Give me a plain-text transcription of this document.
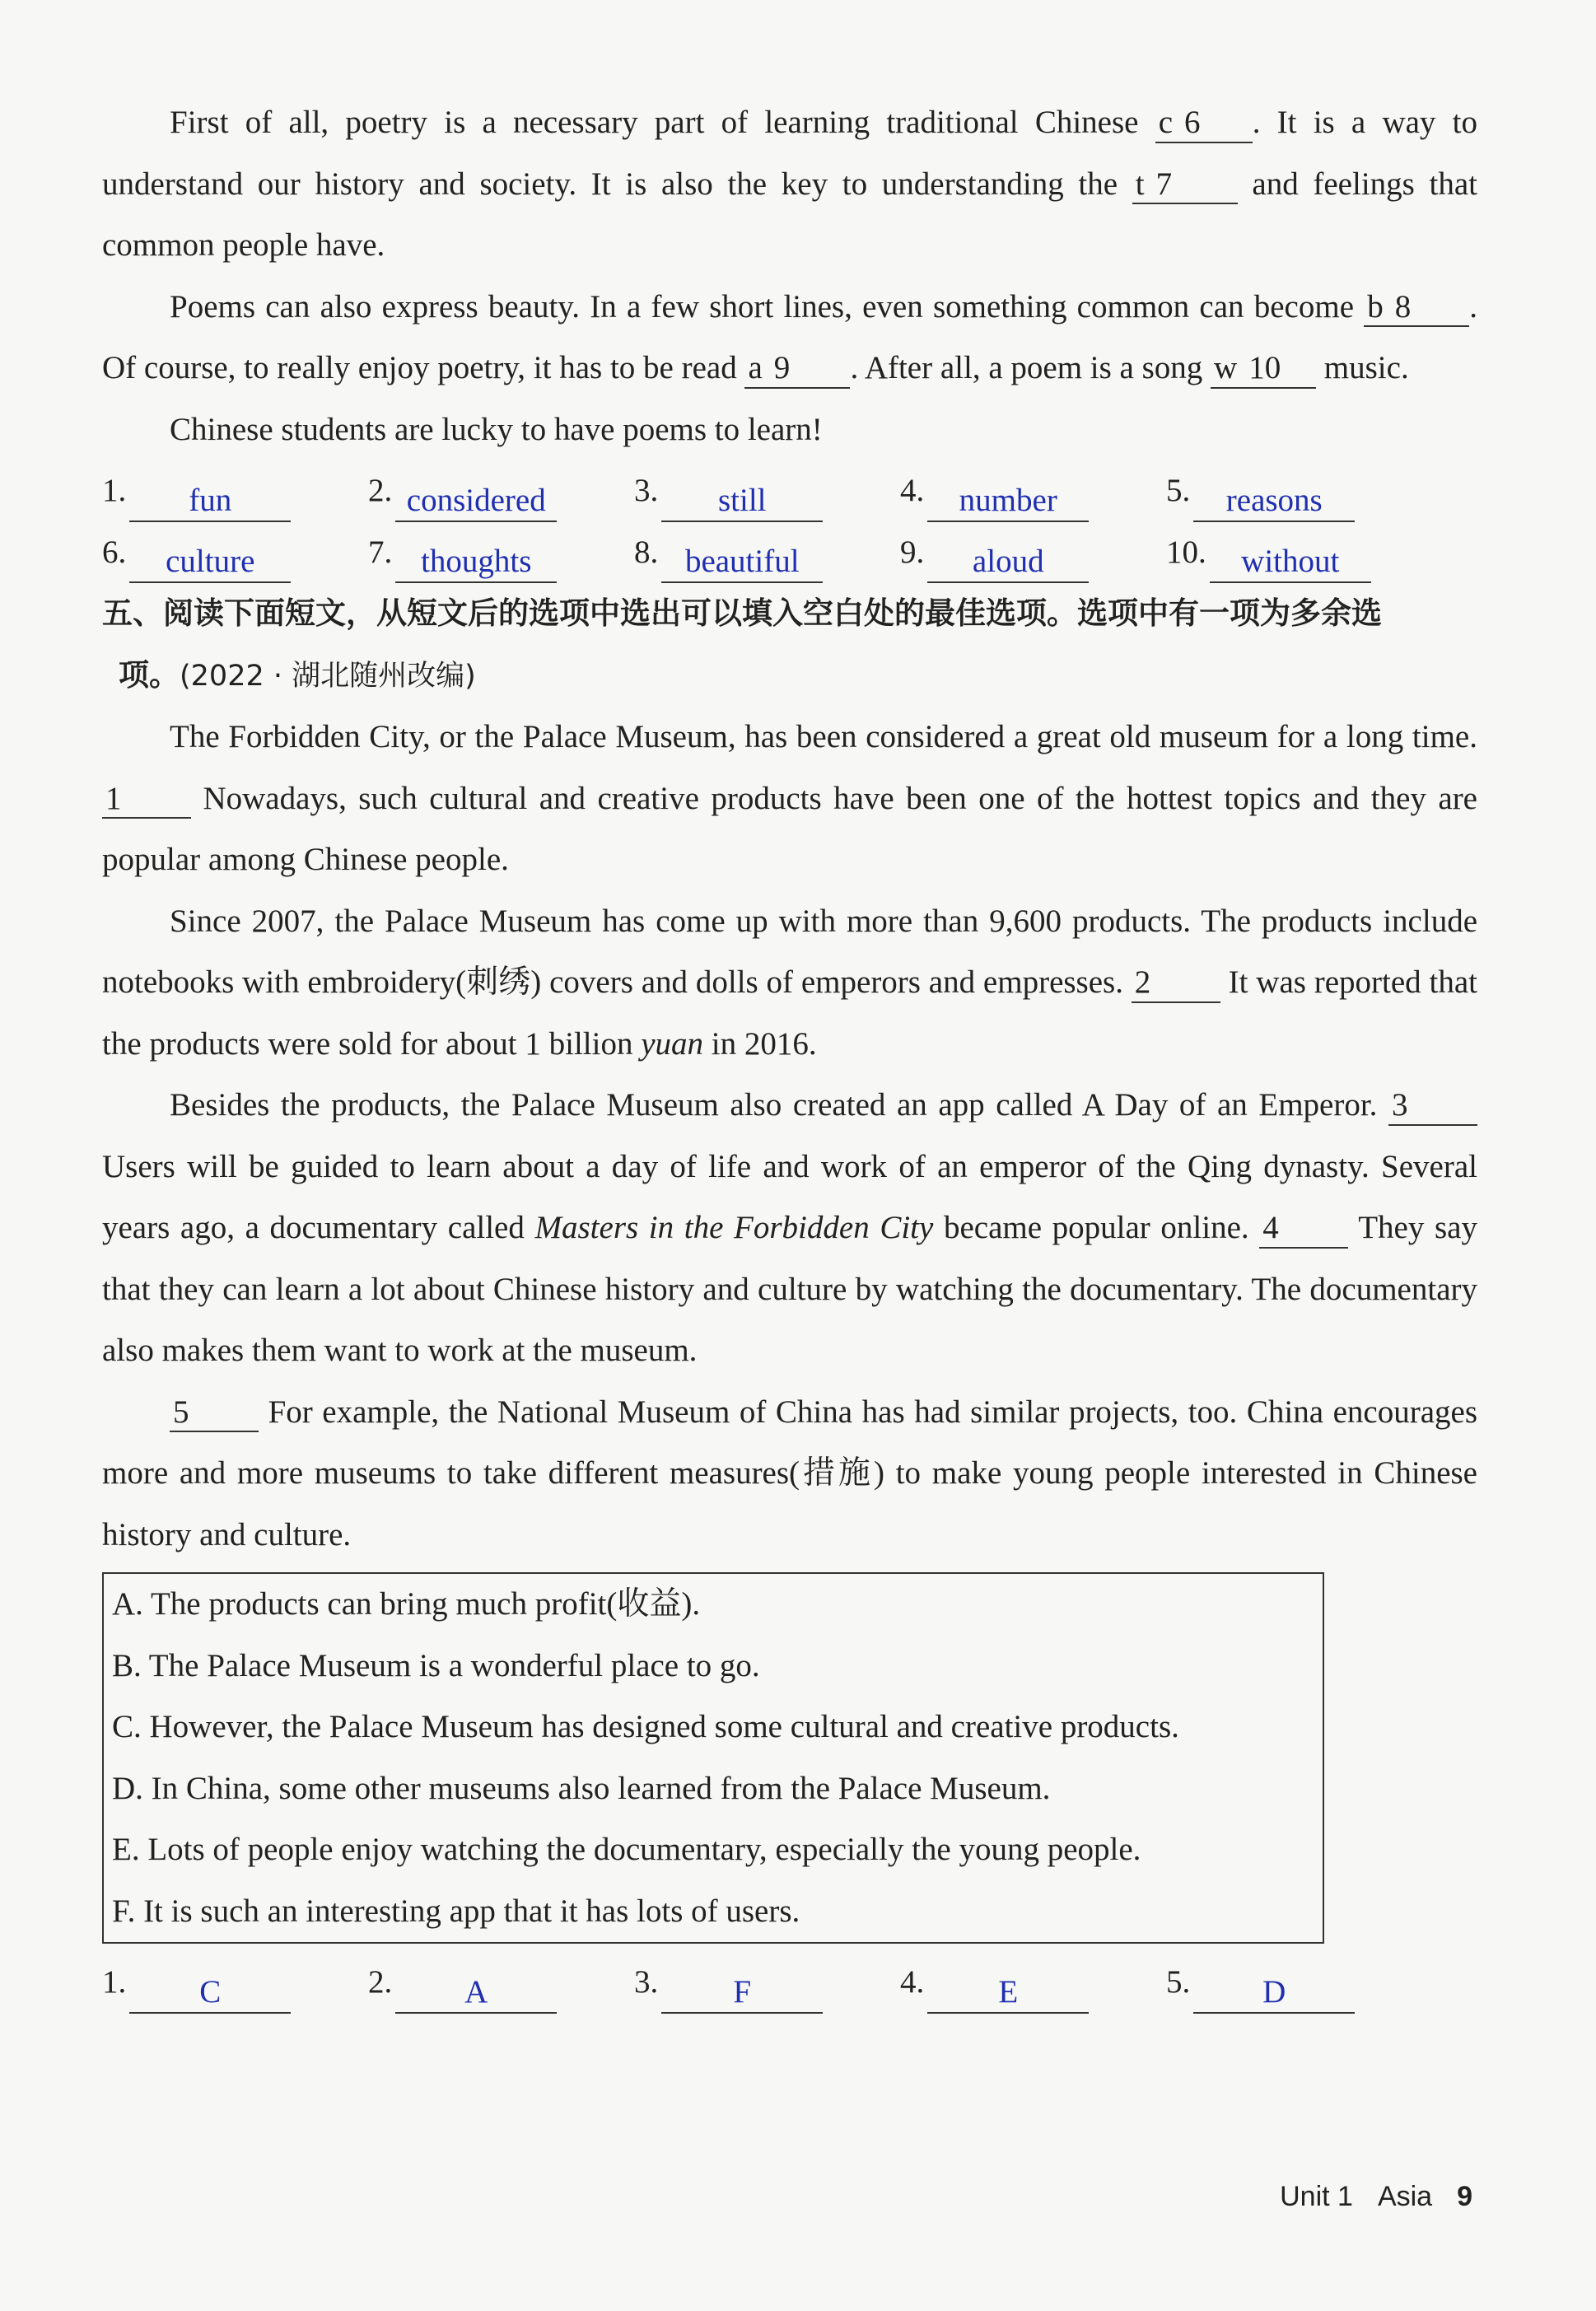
First of all, poetry is a necessary part of learning traditional Chinese c 6 . It is a way to understand our history and society. It is also the key to understanding the t 7 and feelings that common people have.

Poems can also express beauty. In a few short lines, even something common can become b 8 . Of course, to really enjoy poetry, it has to be read a 9 . After all, a poem is a song w 10 music.

Chinese students are lucky to have poems to learn!

1.	fun	2. considered	3.	still	4.	number	5.	reasons
6.	culture	7. thoughts	8. beautiful	9.	aloud	10.	without

五、阅读下面短文，从短文后的选项中选出可以填入空白处的最佳选项。选项中有一项为多余选

项。(2022 · 湖北随州改编)

The Forbidden City, or the Palace Museum, has been considered a great old museum for a long time. 1 Nowadays, such cultural and creative products have been one of the hottest topics and they are popular among Chinese people.

Since 2007, the Palace Museum has come up with more than 9,600 products. The products include notebooks with embroidery(刺绣) covers and dolls of emperors and empresses. 2 It was reported that the products were sold for about 1 billion yuan in 2016.

Besides the products, the Palace Museum also created an app called A Day of an Emperor. 3 Users will be guided to learn about a day of life and work of an emperor of the Qing dynasty. Several years ago, a documentary called Masters in the Forbidden City became popular online. 4 They say that they can learn a lot about Chinese history and culture by watching the documentary. The documentary also makes them want to work at the museum.

5 For example, the National Museum of China has had similar projects, too. China encourages more and more museums to take different measures(措施) to make young people interested in Chinese history and culture.

A. The products can bring much profit(收益).

B. The Palace Museum is a wonderful place to go.

C. However, the Palace Museum has designed some cultural and creative products.

D. In China, some other museums also learned from the Palace Museum.

E. Lots of people enjoy watching the documentary, especially the young people.

F. It is such an interesting app that it has lots of users.

1.	C	2.	A	3.	F	4.	E	5.	D
Unit 1 Asia 9
